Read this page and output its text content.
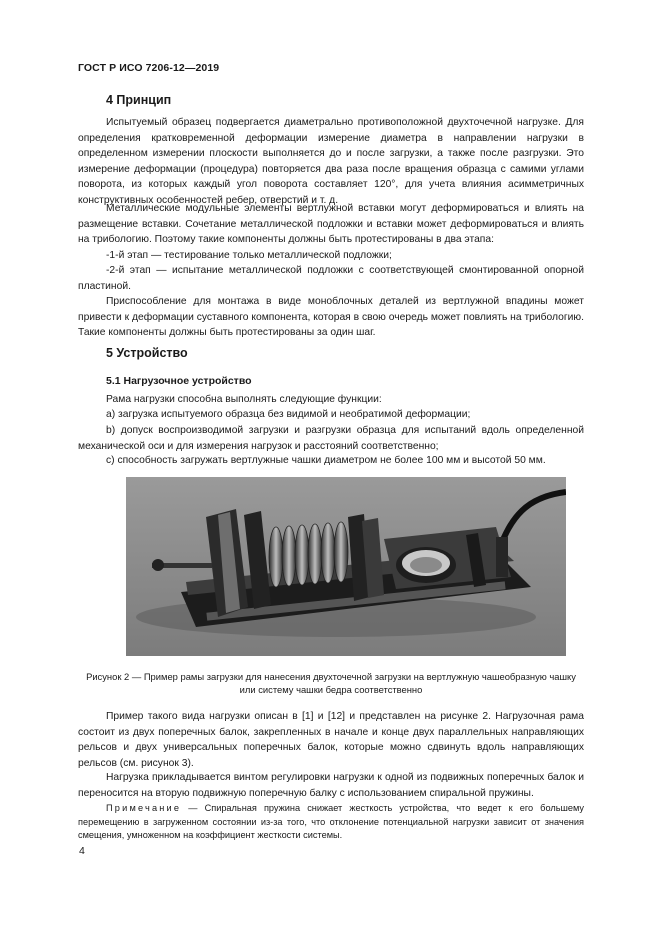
ГОСТ Р ИСО 7206-12—2019
4 Принцип

Испытуемый образец подвергается диаметрально противоположной двухточечной нагрузке. Для определения кратковременной деформации измерение диаметра в направлении нагрузки в определенном измерении плоскости выполняется до и после загрузки, а также после разгрузки. Это измерение деформации (процедура) повторяется два раза после вращения образца с самими углами поворота, из которых каждый угол поворота составляет 120°, для учета влияния асимметричных конструктивных особенностей ребер, отверстий и т. д.

Металлические модульные элементы вертлужной вставки могут деформироваться и влиять на размещение вставки. Сочетание металлической подложки и вставки может деформироваться и влиять на трибологию. Поэтому такие компоненты должны быть протестированы в два этапа:

-1-й этап — тестирование только металлической подложки;

-2-й этап — испытание металлической подложки с соответствующей смонтированной опорной пластиной.

Приспособление для монтажа в виде моноблочных деталей из вертлужной впадины может привести к деформации суставного компонента, которая в свою очередь может повлиять на трибологию. Такие компоненты должны быть протестированы за один шаг.

5 Устройство
5.1 Нагрузочное устройство

Рама нагрузки способна выполнять следующие функции:

a) загрузка испытуемого образца без видимой и необратимой деформации;

b) допуск воспроизводимой загрузки и разгрузки образца для испытаний вдоль определенной механической оси и для измерения нагрузок и расстояний соответственно;

c) способность загружать вертлужные чашки диаметром не более 100 мм и высотой 50 мм.

Рисунок 2 — Пример рамы загрузки для нанесения двухточечной загрузки на вертлужную чашеобразную чашку или систему чашки бедра соответственно

Пример такого вида нагрузки описан в [1] и [12] и представлен на рисунке 2. Нагрузочная рама состоит из двух поперечных балок, закрепленных в начале и конце двух параллельных направляющих рельсов и двух универсальных поперечных балок, которые можно сдвинуть вдоль направляющих рельсов (см. рисунок 3).

Нагрузка прикладывается винтом регулировки нагрузки к одной из подвижных поперечных балок и переносится на вторую подвижную поперечную балку с использованием спиральной пружины.

Примечание — Спиральная пружина снижает жесткость устройства, что ведет к его большему перемещению в загруженном состоянии из-за того, что отклонение потенциальной нагрузки зависит от значения смещения, умноженном на коэффициент жесткости системы.

4
